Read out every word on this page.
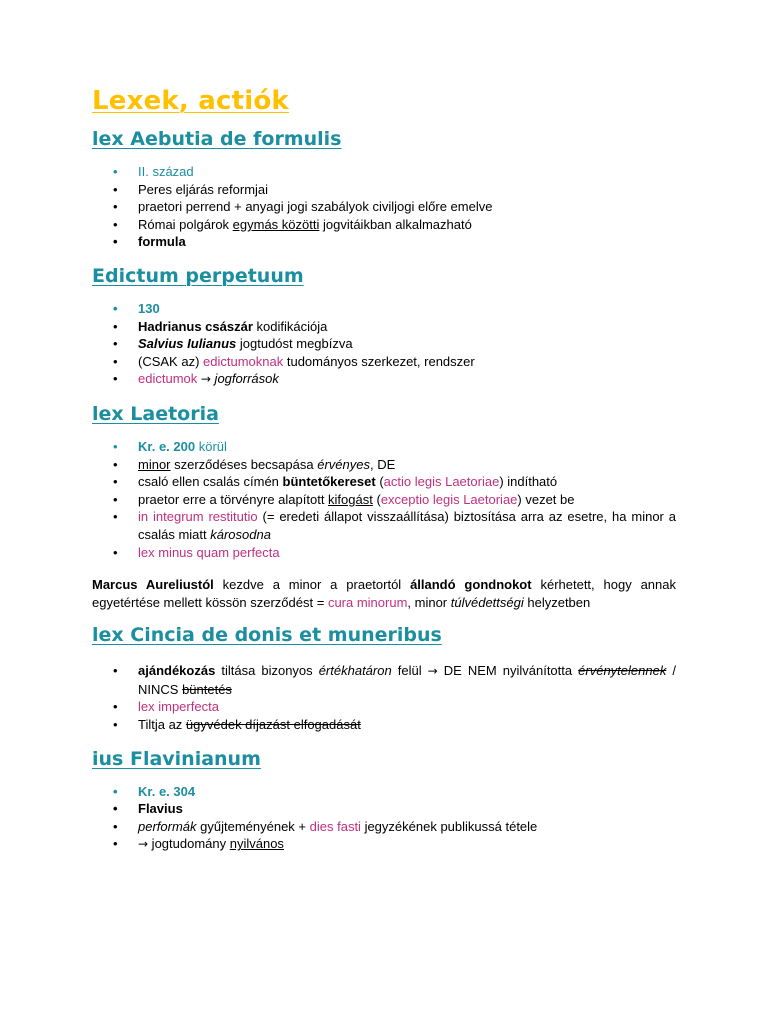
Lexek, actiók
lex Aebutia de formulis
• II. század
• Peres eljárás reformjai
• praetori perrend + anyagi jogi szabályok civiljogi előre emelve
• Római polgárok egymás közötti jogvitáikban alkalmazható
• formula
Edictum perpetuum
• 130
• Hadrianus császár kodifikációja
• Salvius Iulianus jogtudóst megbízva
• (CSAK az) edictumoknak tudományos szerkezet, rendszer
• edictumok → jogforrások
lex Laetoria
• Kr. e. 200 körül
• minor szerződéses becsapása érvényes, DE
• csaló ellen csalás címén büntetőkereset (actio legis Laetoriae) indítható
• praetor erre a törvényre alapított kifogást (exceptio legis Laetoriae) vezet be
• in integrum restitutio (= eredeti állapot visszaállítása) biztosítása arra az esetre, ha minor a csalás miatt károsodna
• lex minus quam perfecta

Marcus Aureliustól kezdve a minor a praetortól állandó gondnokot kérhetett, hogy annak egyetértése mellett kössön szerződést = cura minorum, minor túlvédettségi helyzetben

lex Cincia de donis et muneribus
• ajándékozás tiltása bizonyos értékhatáron felül → DE NEM nyilvánította érvénytelennek / NINCS büntetés
• lex imperfecta
• Tiltja az ügyvédek díjazást elfogadását
ius Flavinianum
• Kr. e. 304
• Flavius
• performák gyűjteményének + dies fasti jegyzékének publikussá tétele
• → jogtudomány nyilvános
